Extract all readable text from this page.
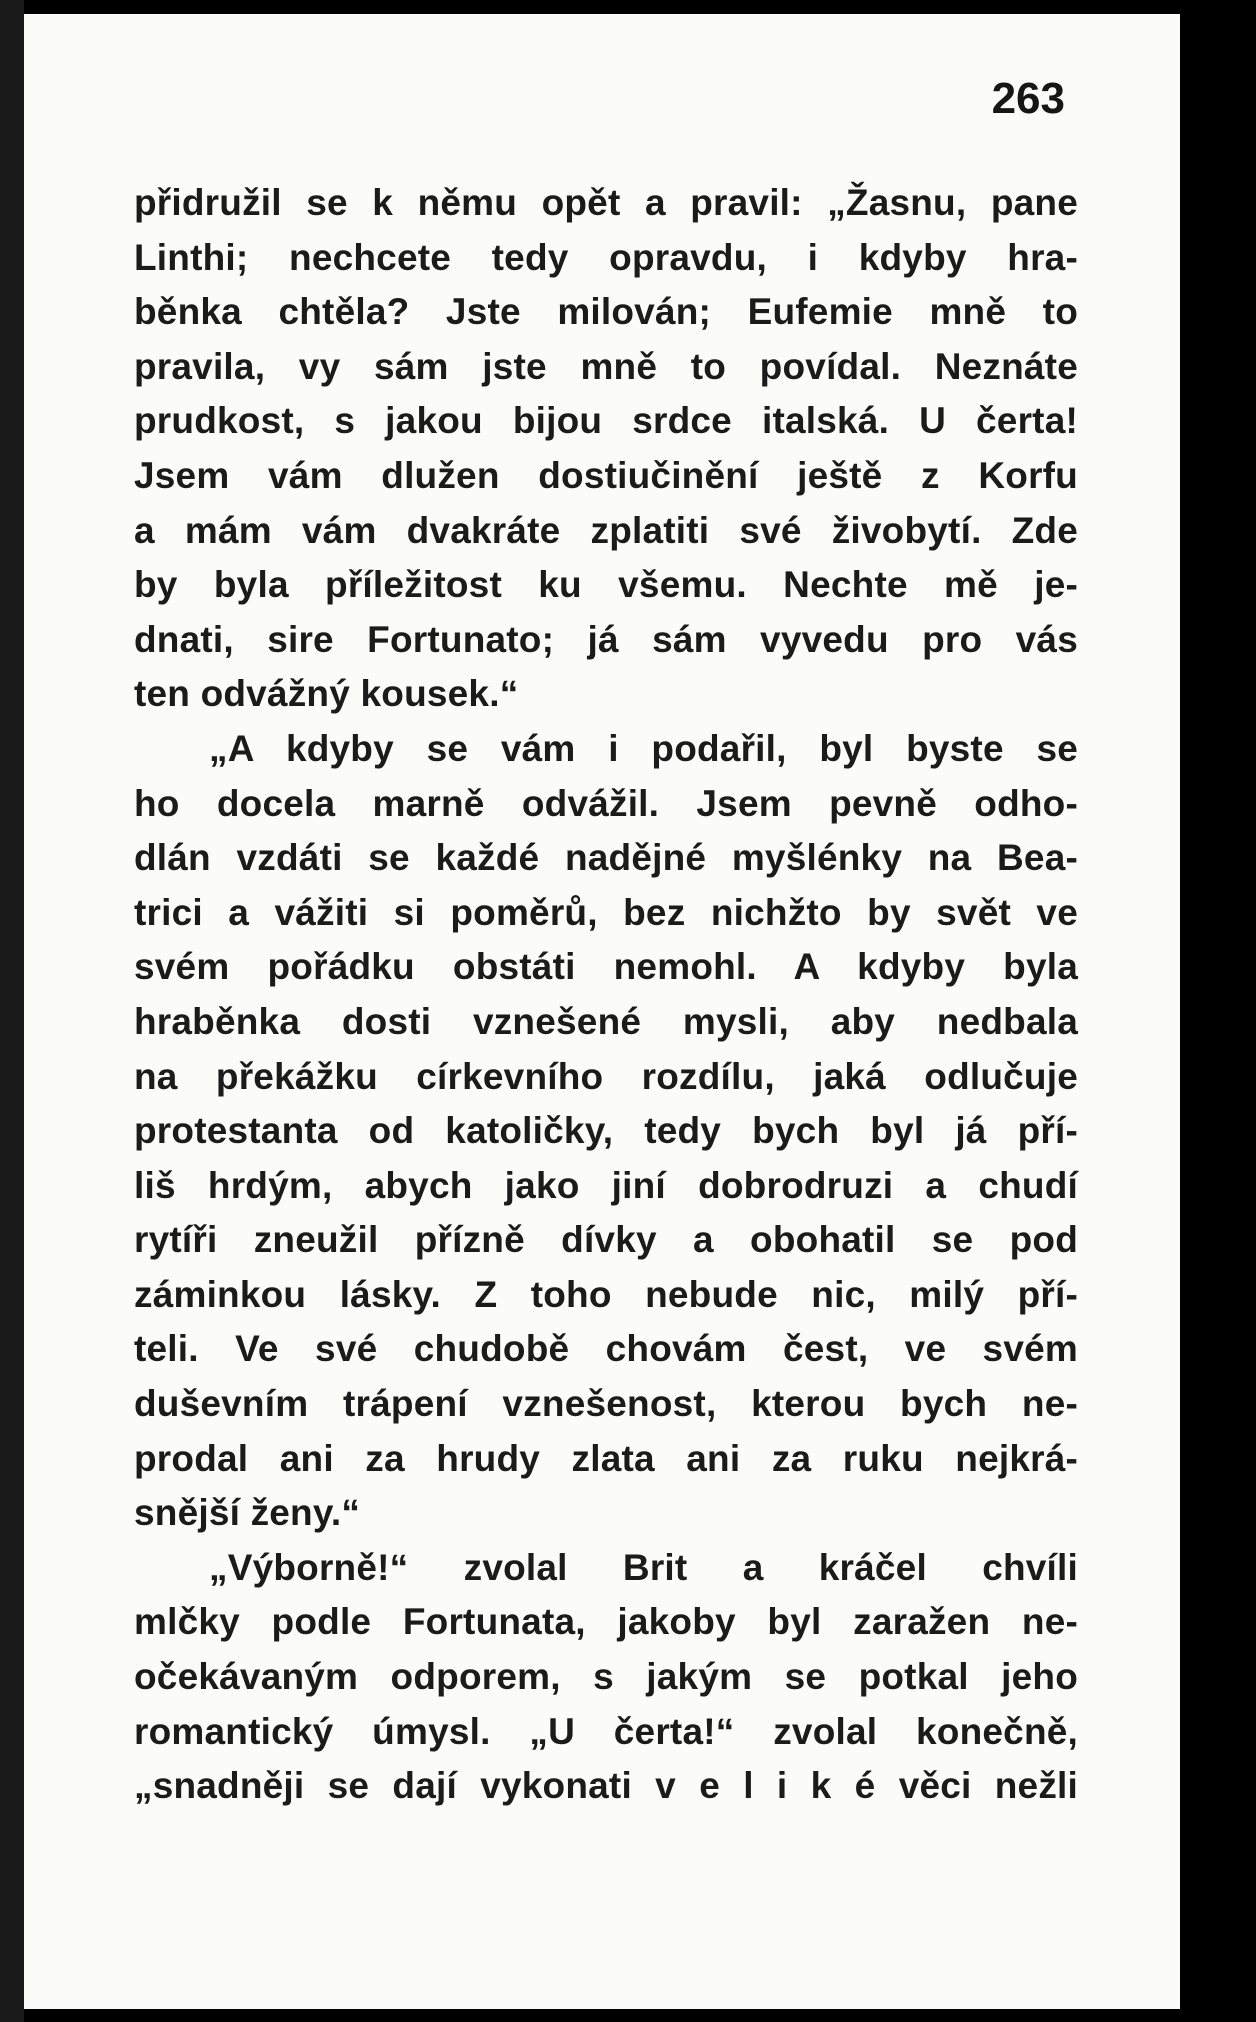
263

přidružil se k němu opět a pravil: „Žasnu, pane
Linthi; nechcete tedy opravdu, i kdyby hra-
běnka chtěla? Jste milován; Eufemie mně to
pravila, vy sám jste mně to povídal. Neznáte
prudkost, s jakou bijou srdce italská. U čerta!
Jsem vám dlužen dostiučinění ještě z Korfu
a mám vám dvakráte zplatiti své živobytí. Zde
by byla příležitost ku všemu. Nechte mě je-
dnati, sire Fortunato; já sám vyvedu pro vás
ten odvážný kousek.“
„A kdyby se vám i podařil, byl byste se
ho docela marně odvážil. Jsem pevně odho-
dlán vzdáti se každé nadějné myšlénky na Bea-
trici a vážiti si poměrů, bez nichžto by svět ve
svém pořádku obstáti nemohl. A kdyby byla
hraběnka dosti vznešené mysli, aby nedbala
na překážku církevního rozdílu, jaká odlučuje
protestanta od katoličky, tedy bych byl já pří-
liš hrdým, abych jako jiní dobrodruzi a chudí
rytíři zneužil přízně dívky a obohatil se pod
záminkou lásky. Z toho nebude nic, milý pří-
teli. Ve své chudobě chovám čest, ve svém
duševním trápení vznešenost, kterou bych ne-
prodal ani za hrudy zlata ani za ruku nejkrá-
snější ženy.“
„Výborně!“ zvolal Brit a kráčel chvíli
mlčky podle Fortunata, jakoby byl zaražen ne-
očekávaným odporem, s jakým se potkal jeho
romantický úmysl. „U čerta!“ zvolal konečně,
„snadněji se dají vykonati v e l i k é věci nežli
